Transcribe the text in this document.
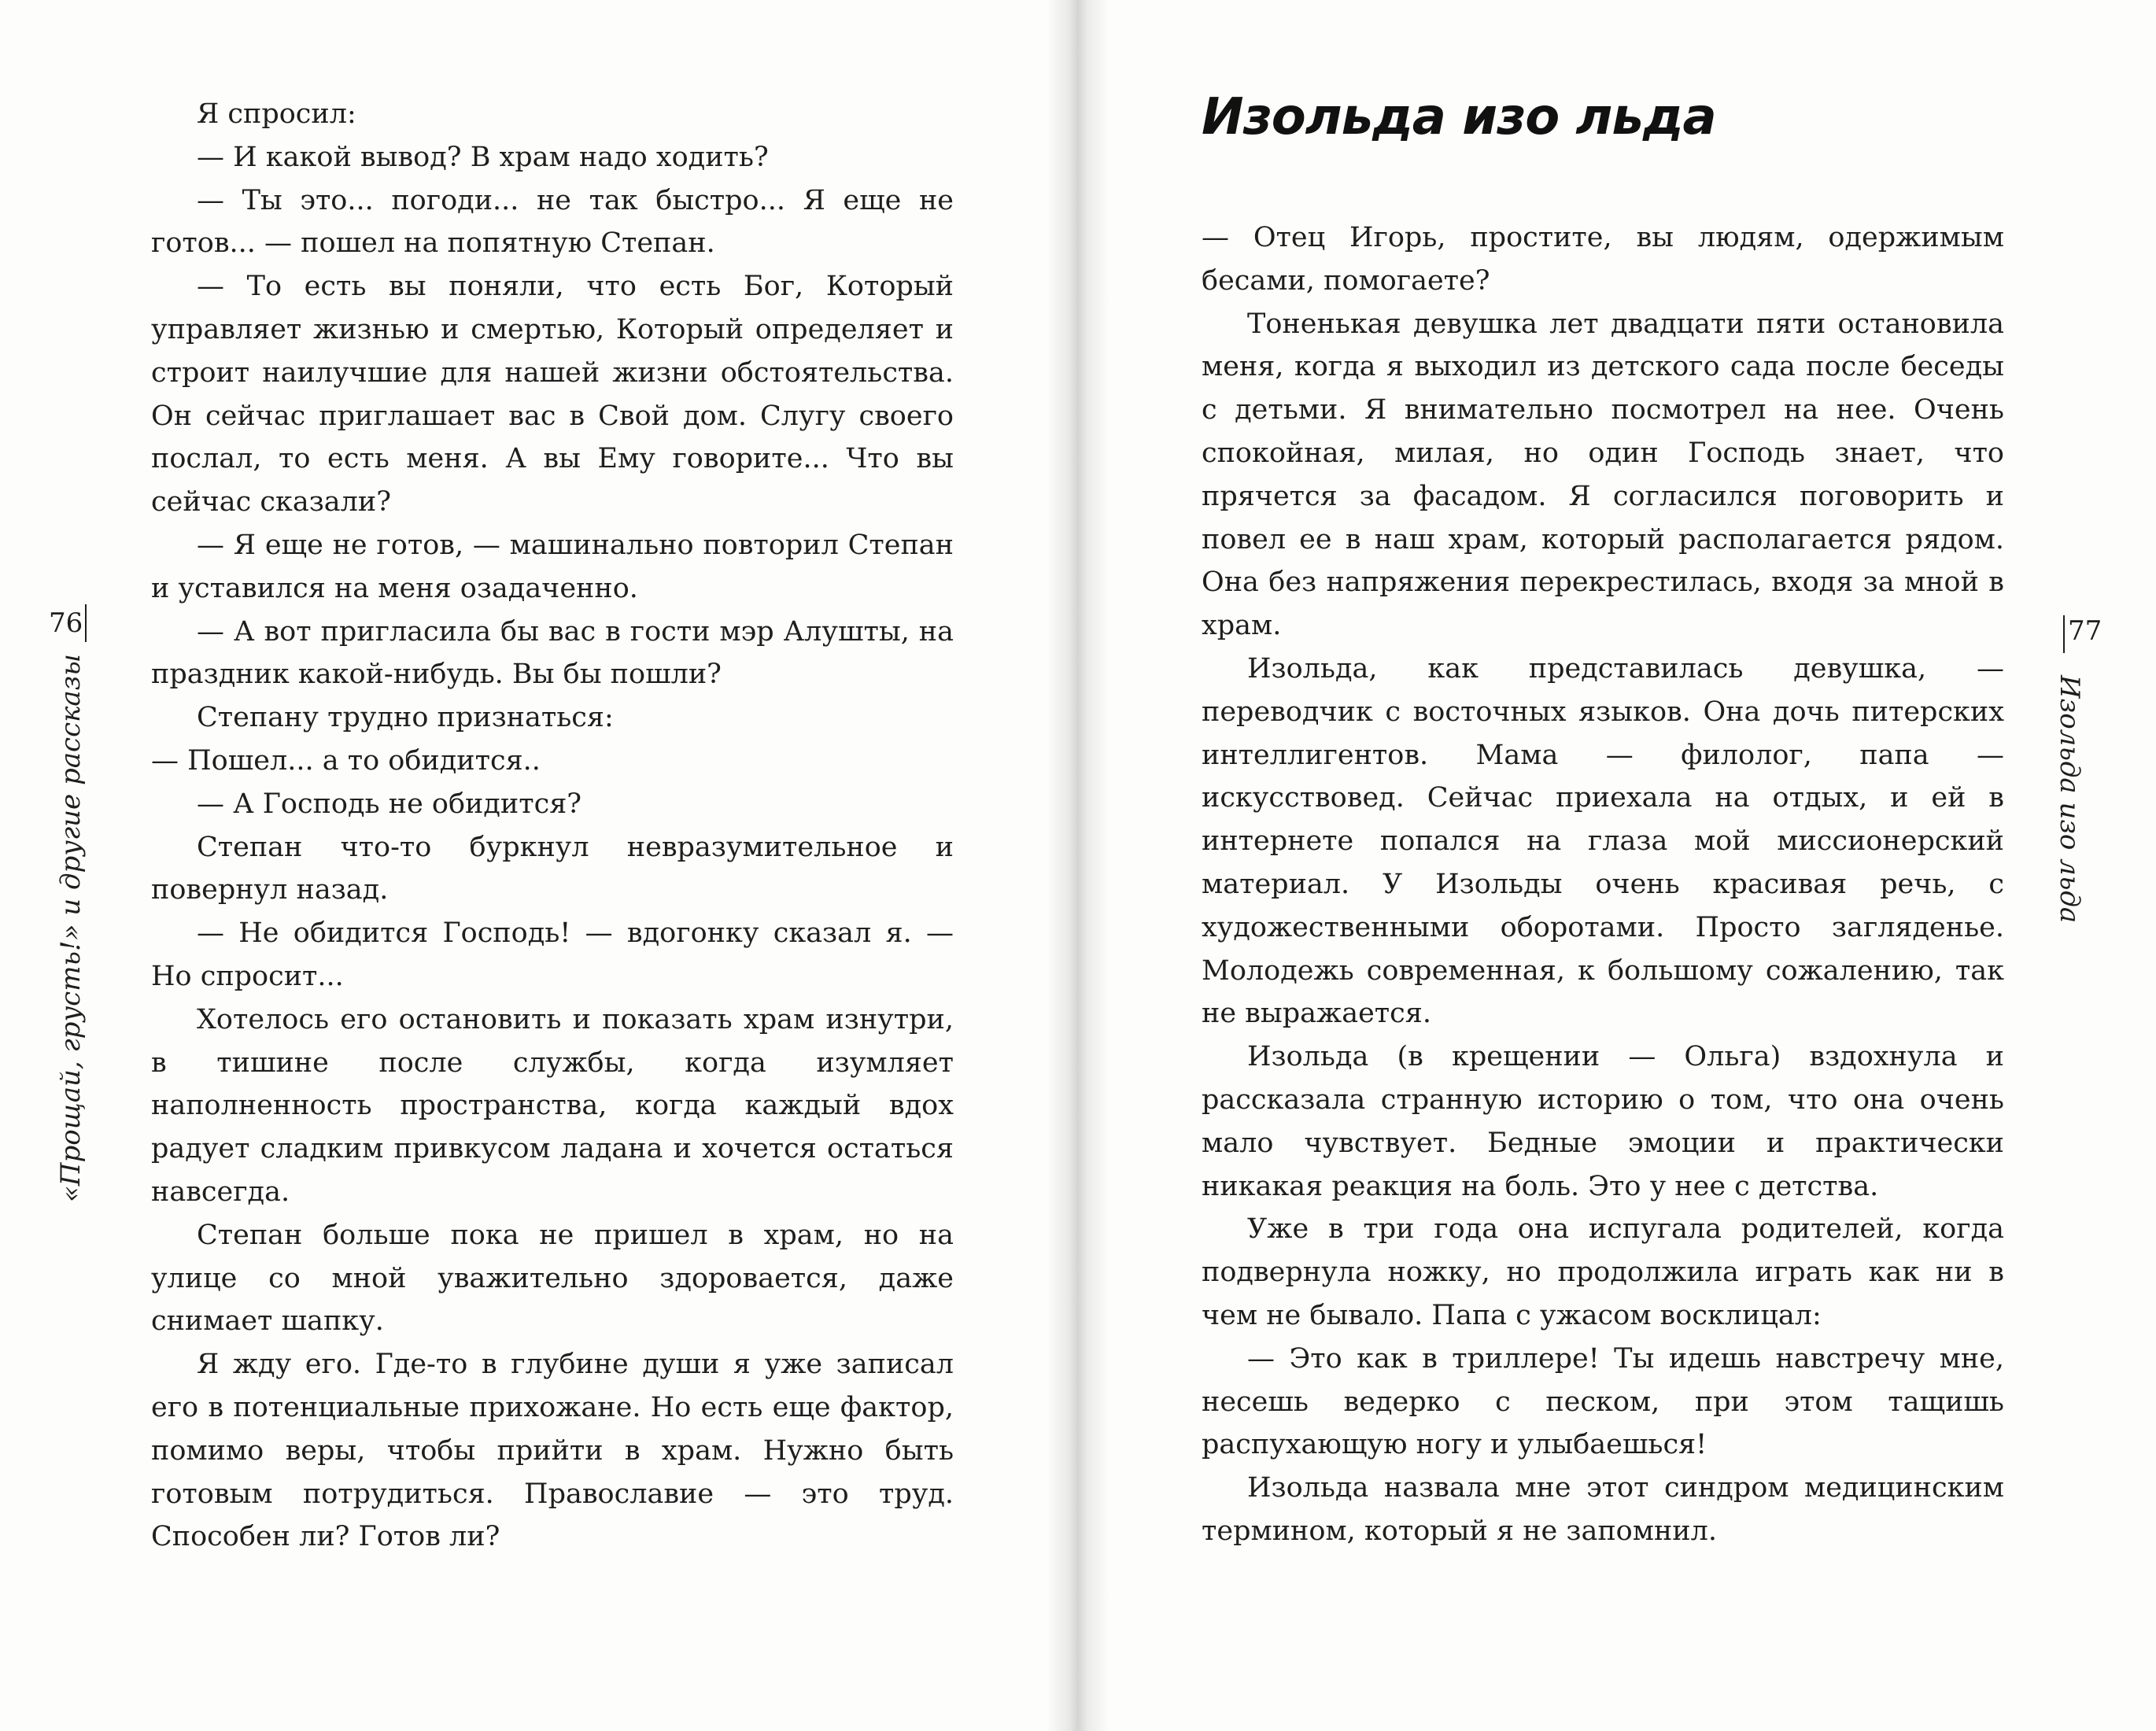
76
«Прощай, грусть!» и другие рассказы

Я спросил:

— И какой вывод? В храм надо ходить?

— Ты это... погоди... не так быстро... Я еще не готов... — пошел на попятную Степан.

— То есть вы поняли, что есть Бог, Который управляет жизнью и смертью, Который определяет и строит наилучшие для нашей жизни обстоятельства. Он сейчас приглашает вас в Свой дом. Слугу своего послал, то есть меня. А вы Ему говорите... Что вы сейчас сказали?

— Я еще не готов, — машинально повторил Степан и уставился на меня озадаченно.

— А вот пригласила бы вас в гости мэр Алушты, на праздник какой-нибудь. Вы бы пошли?

Степану трудно признаться:

— Пошел... а то обидится..

— А Господь не обидится?

Степан что-то буркнул невразумительное и повернул назад.

— Не обидится Господь! — вдогонку сказал я. — Но спросит...

Хотелось его остановить и показать храм изнутри, в тишине после службы, когда изумляет наполненность пространства, когда каждый вдох радует сладким привкусом ладана и хочется остаться навсегда.

Степан больше пока не пришел в храм, но на улице со мной уважительно здоровается, даже снимает шапку.

Я жду его. Где-то в глубине души я уже записал его в потенциальные прихожане. Но есть еще фактор, помимо веры, чтобы прийти в храм. Нужно быть готовым потрудиться. Православие — это труд. Способен ли? Готов ли?

Изольда изо льда
77
Изольда изо льда

— Отец Игорь, простите, вы людям, одержимым бесами, помогаете?

Тоненькая девушка лет двадцати пяти остановила меня, когда я выходил из детского сада после беседы с детьми. Я внимательно посмотрел на нее. Очень спокойная, милая, но один Господь знает, что прячется за фасадом. Я согласился поговорить и повел ее в наш храм, который располагается рядом. Она без напряжения перекрестилась, входя за мной в храм.

Изольда, как представилась девушка, — переводчик с восточных языков. Она дочь питерских интеллигентов. Мама — филолог, папа — искусствовед. Сейчас приехала на отдых, и ей в интернете попался на глаза мой миссионерский материал. У Изольды очень красивая речь, с художественными оборотами. Просто загляденье. Молодежь современная, к большому сожалению, так не выражается.

Изольда (в крещении — Ольга) вздохнула и рассказала странную историю о том, что она очень мало чувствует. Бедные эмоции и практически никакая реакция на боль. Это у нее с детства.

Уже в три года она испугала родителей, когда подвернула ножку, но продолжила играть как ни в чем не бывало. Папа с ужасом восклицал:

— Это как в триллере! Ты идешь навстречу мне, несешь ведерко с песком, при этом тащишь распухающую ногу и улыбаешься!

Изольда назвала мне этот синдром медицинским термином, который я не запомнил.
